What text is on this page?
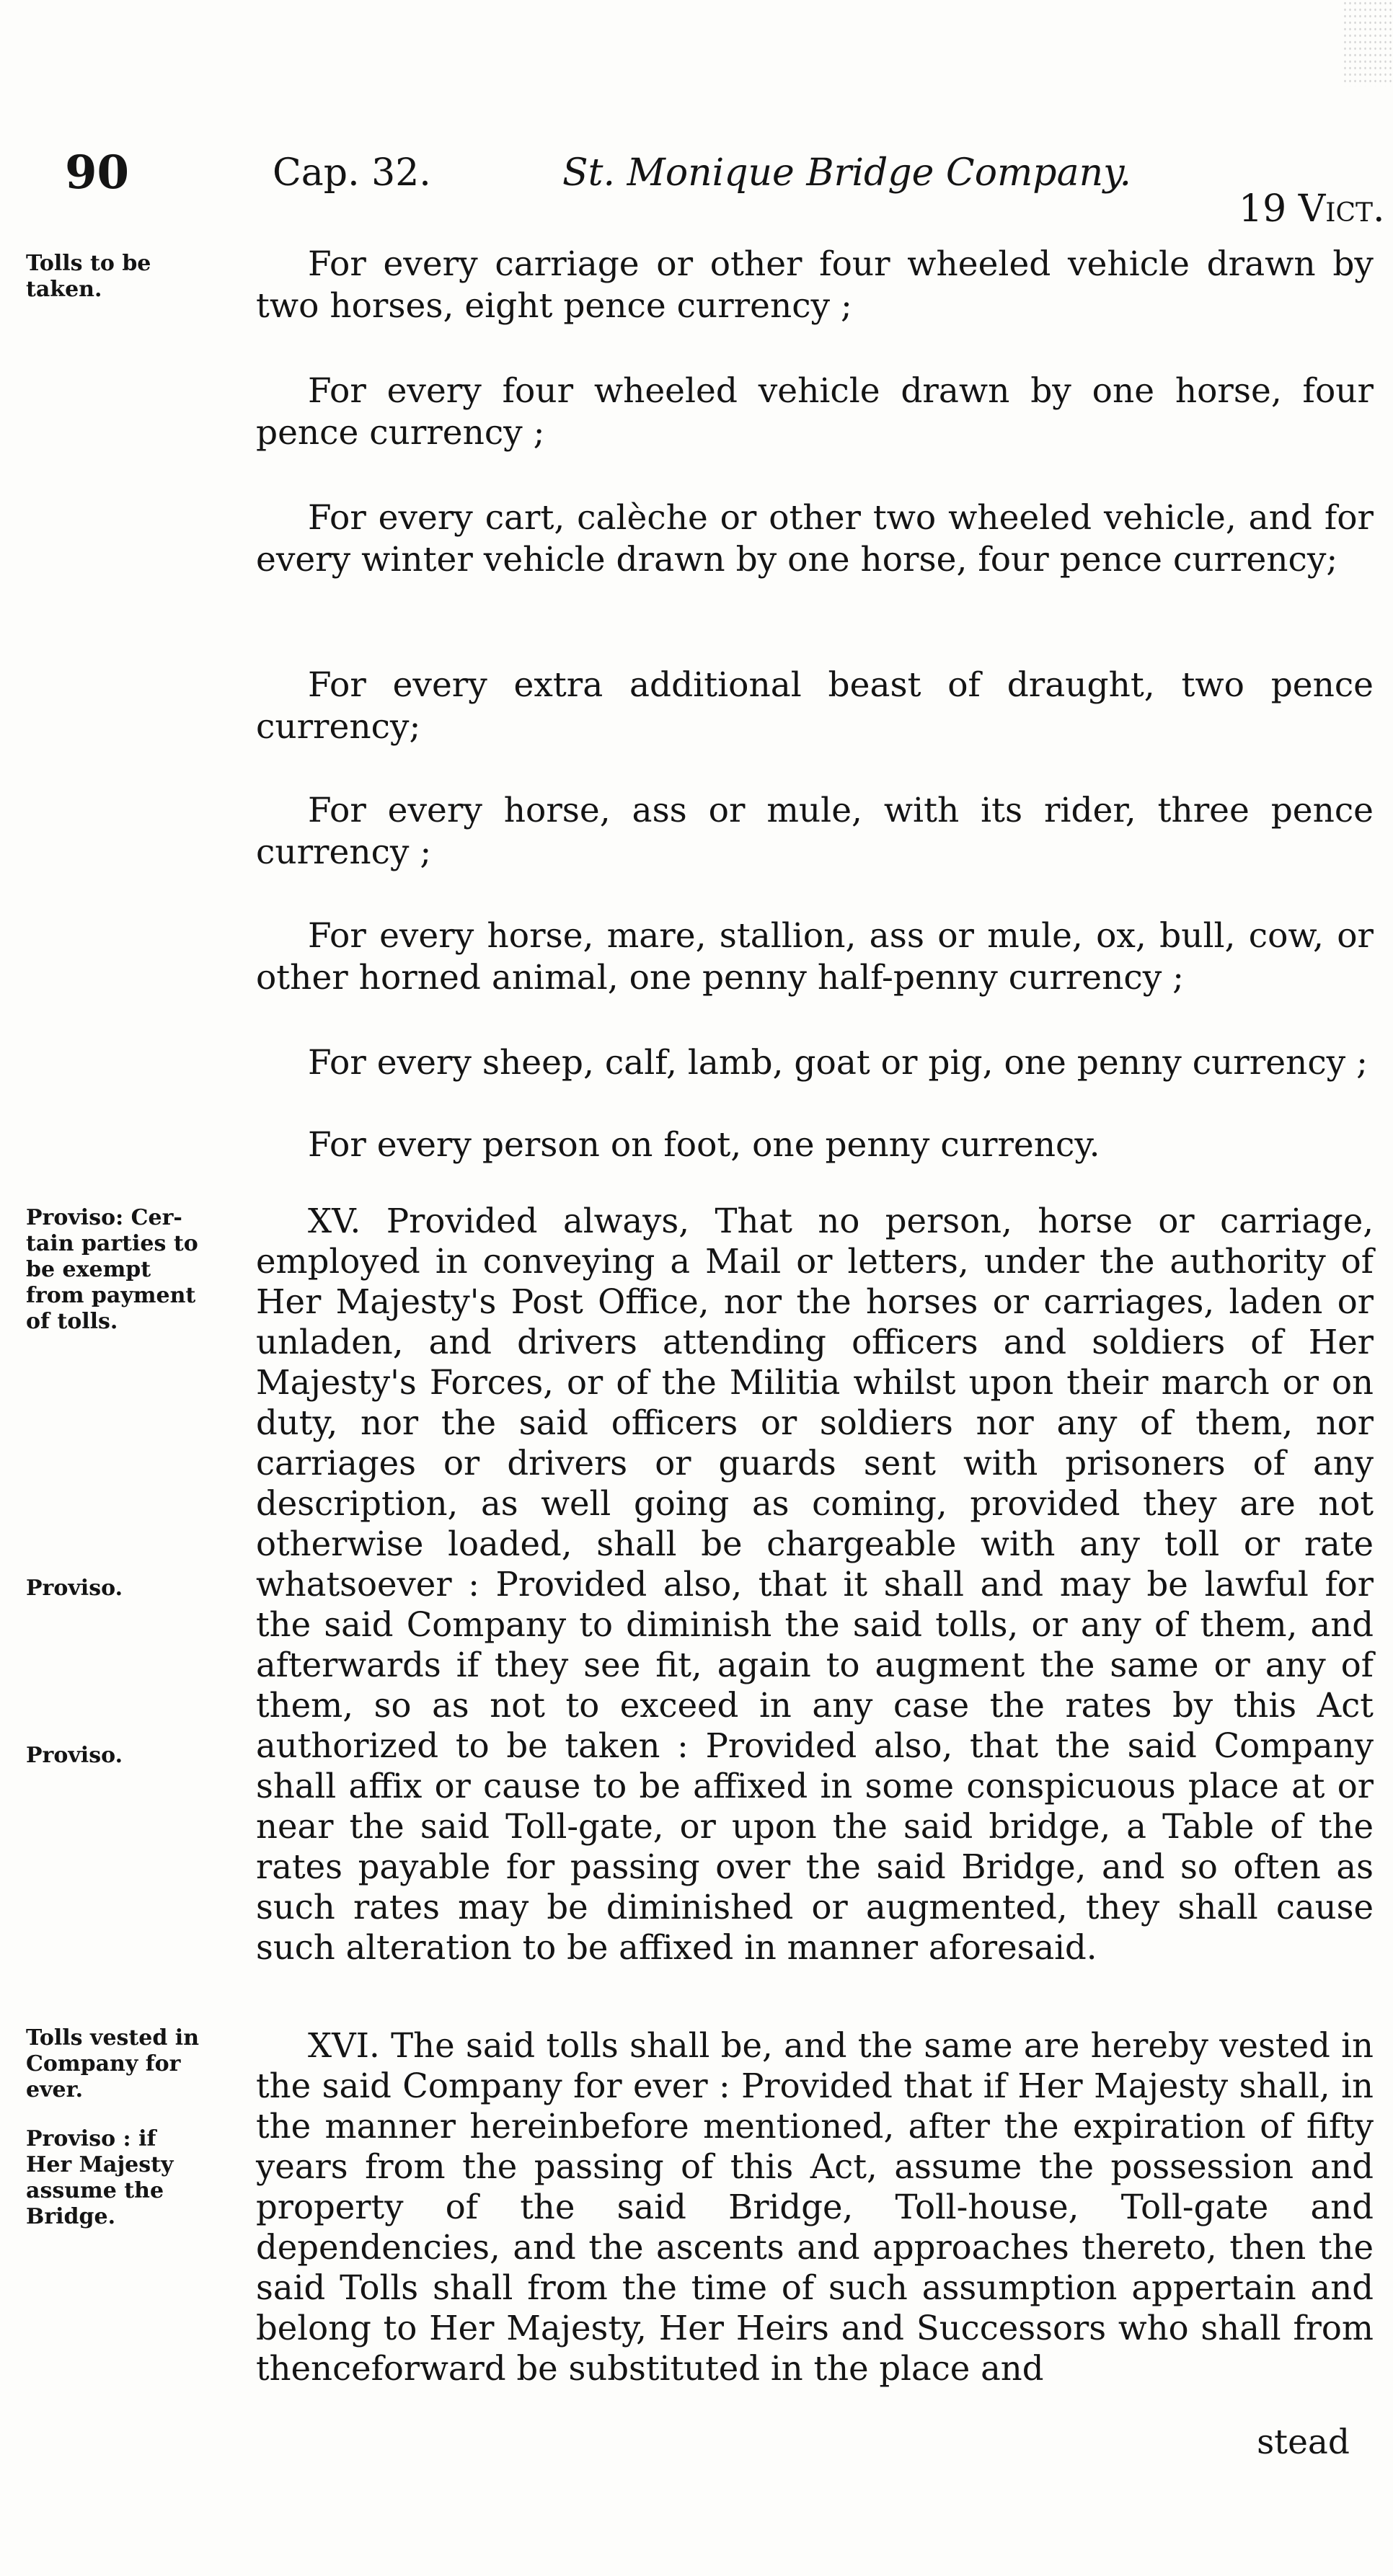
90	Cap. 32.	St. Monique Bridge Company.
19 Vict.
Tolls to be
taken.
Proviso: Cer-
tain parties to
be exempt
from payment
of tolls.
Proviso.
Proviso.
Tolls vested in
Company for
ever.
Proviso : if
Her Majesty
assume the
Bridge.
For every carriage or other four wheeled vehicle drawn by two horses, eight pence currency ;
For every four wheeled vehicle drawn by one horse, four pence currency ;
For every cart, calèche or other two wheeled vehicle, and for every winter vehicle drawn by one horse, four pence currency;
For every extra additional beast of draught, two pence currency;
For every horse, ass or mule, with its rider, three pence currency ;
For every horse, mare, stallion, ass or mule, ox, bull, cow, or other horned animal, one penny half-penny currency ;
For every sheep, calf, lamb, goat or pig, one penny currency ;
For every person on foot, one penny currency.
XV. Provided always, That no person, horse or carriage, employed in conveying a Mail or letters, under the authority of Her Majesty's Post Office, nor the horses or carriages, laden or unladen, and drivers attending officers and soldiers of Her Majesty's Forces, or of the Militia whilst upon their march or on duty, nor the said officers or soldiers nor any of them, nor carriages or drivers or guards sent with prisoners of any description, as well going as coming, provided they are not otherwise loaded, shall be chargeable with any toll or rate whatsoever : Provided also, that it shall and may be lawful for the said Company to diminish the said tolls, or any of them, and afterwards if they see fit, again to augment the same or any of them, so as not to exceed in any case the rates by this Act authorized to be taken : Provided also, that the said Company shall affix or cause to be affixed in some conspicuous place at or near the said Toll-gate, or upon the said bridge, a Table of the rates payable for passing over the said Bridge, and so often as such rates may be diminished or augmented, they shall cause such alteration to be affixed in manner aforesaid.
XVI. The said tolls shall be, and the same are hereby vested in the said Company for ever : Provided that if Her Majesty shall, in the manner hereinbefore mentioned, after the expiration of fifty years from the passing of this Act, assume the possession and property of the said Bridge, Toll-house, Toll-gate and dependencies, and the ascents and approaches thereto, then the said Tolls shall from the time of such assumption appertain and belong to Her Majesty, Her Heirs and Successors who shall from thenceforward be substituted in the place and
stead
